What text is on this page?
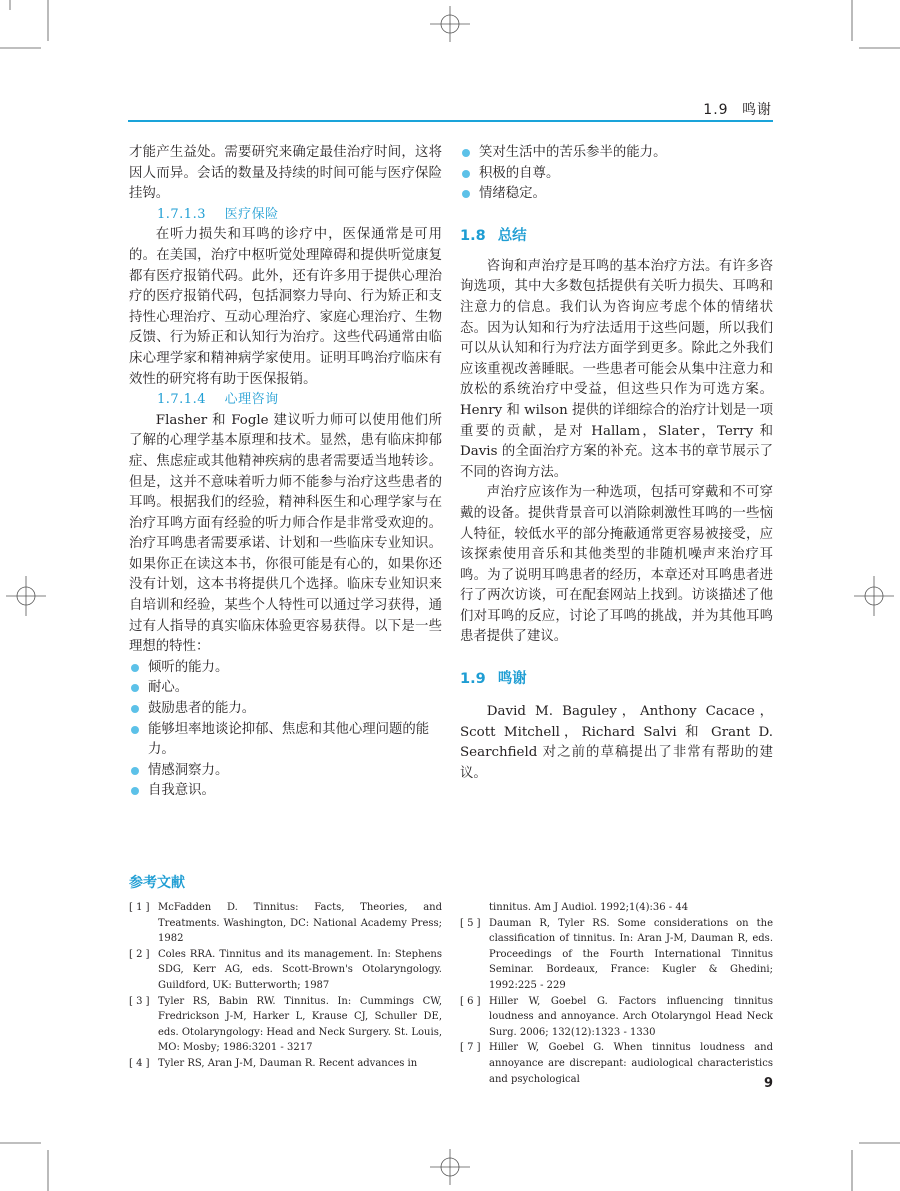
1.9 鸣谢

才能产生益处。需要研究来确定最佳治疗时间，这将因人而异。会话的数量及持续的时间可能与医疗保险挂钩。

1.7.1.3 医疗保险

在听力损失和耳鸣的诊疗中，医保通常是可用的。在美国，治疗中枢听觉处理障碍和提供听觉康复都有医疗报销代码。此外，还有许多用于提供心理治疗的医疗报销代码，包括洞察力导向、行为矫正和支持性心理治疗、互动心理治疗、家庭心理治疗、生物反馈、行为矫正和认知行为治疗。这些代码通常由临床心理学家和精神病学家使用。证明耳鸣治疗临床有效性的研究将有助于医保报销。

1.7.1.4 心理咨询

Flasher 和 Fogle 建议听力师可以使用他们所了解的心理学基本原理和技术。显然，患有临床抑郁症、焦虑症或其他精神疾病的患者需要适当地转诊。但是，这并不意味着听力师不能参与治疗这些患者的耳鸣。根据我们的经验，精神科医生和心理学家与在治疗耳鸣方面有经验的听力师合作是非常受欢迎的。治疗耳鸣患者需要承诺、计划和一些临床专业知识。如果你正在读这本书，你很可能是有心的，如果你还没有计划，这本书将提供几个选择。临床专业知识来自培训和经验，某些个人特性可以通过学习获得，通过有人指导的真实临床体验更容易获得。以下是一些理想的特性：

倾听的能力。
耐心。
鼓励患者的能力。
能够坦率地谈论抑郁、焦虑和其他心理问题的能力。
情感洞察力。
自我意识。
笑对生活中的苦乐参半的能力。
积极的自尊。
情绪稳定。

1.8 总结

咨询和声治疗是耳鸣的基本治疗方法。有许多咨询选项，其中大多数包括提供有关听力损失、耳鸣和注意力的信息。我们认为咨询应考虑个体的情绪状态。因为认知和行为疗法适用于这些问题，所以我们可以从认知和行为疗法方面学到更多。除此之外我们应该重视改善睡眠。一些患者可能会从集中注意力和放松的系统治疗中受益，但这些只作为可选方案。Henry 和 wilson 提供的详细综合的治疗计划是一项重要的贡献，是对 Hallam，Slater，Terry 和 Davis 的全面治疗方案的补充。这本书的章节展示了不同的咨询方法。

声治疗应该作为一种选项，包括可穿戴和不可穿戴的设备。提供背景音可以消除刺激性耳鸣的一些恼人特征，较低水平的部分掩蔽通常更容易被接受，应该探索使用音乐和其他类型的非随机噪声来治疗耳鸣。为了说明耳鸣患者的经历，本章还对耳鸣患者进行了两次访谈，可在配套网站上找到。访谈描述了他们对耳鸣的反应，讨论了耳鸣的挑战，并为其他耳鸣患者提供了建议。

1.9 鸣谢

David M. Baguley，Anthony Cacace，Scott Mitchell，Richard Salvi 和 Grant D. Searchfield 对之前的草稿提出了非常有帮助的建议。

参考文献

[ 1 ] McFadden D. Tinnitus: Facts, Theories, and Treatments. Washington, DC: National Academy Press; 1982

[ 2 ] Coles RRA. Tinnitus and its management. In: Stephens SDG, Kerr AG, eds. Scott-Brown's Otolaryngology. Guildford, UK: Butterworth; 1987

[ 3 ] Tyler RS, Babin RW. Tinnitus. In: Cummings CW, Fredrickson J-M, Harker L, Krause CJ, Schuller DE, eds. Otolaryngology: Head and Neck Surgery. St. Louis, MO: Mosby; 1986:3201 - 3217

[ 4 ] Tyler RS, Aran J-M, Dauman R. Recent advances in

tinnitus. Am J Audiol. 1992;1(4):36 - 44

[ 5 ] Dauman R, Tyler RS. Some considerations on the classification of tinnitus. In: Aran J-M, Dauman R, eds. Proceedings of the Fourth International Tinnitus Seminar. Bordeaux, France: Kugler & Ghedini; 1992:225 - 229

[ 6 ] Hiller W, Goebel G. Factors influencing tinnitus loudness and annoyance. Arch Otolaryngol Head Neck Surg. 2006; 132(12):1323 - 1330

[ 7 ] Hiller W, Goebel G. When tinnitus loudness and annoyance are discrepant: audiological characteristics and psychological	9
